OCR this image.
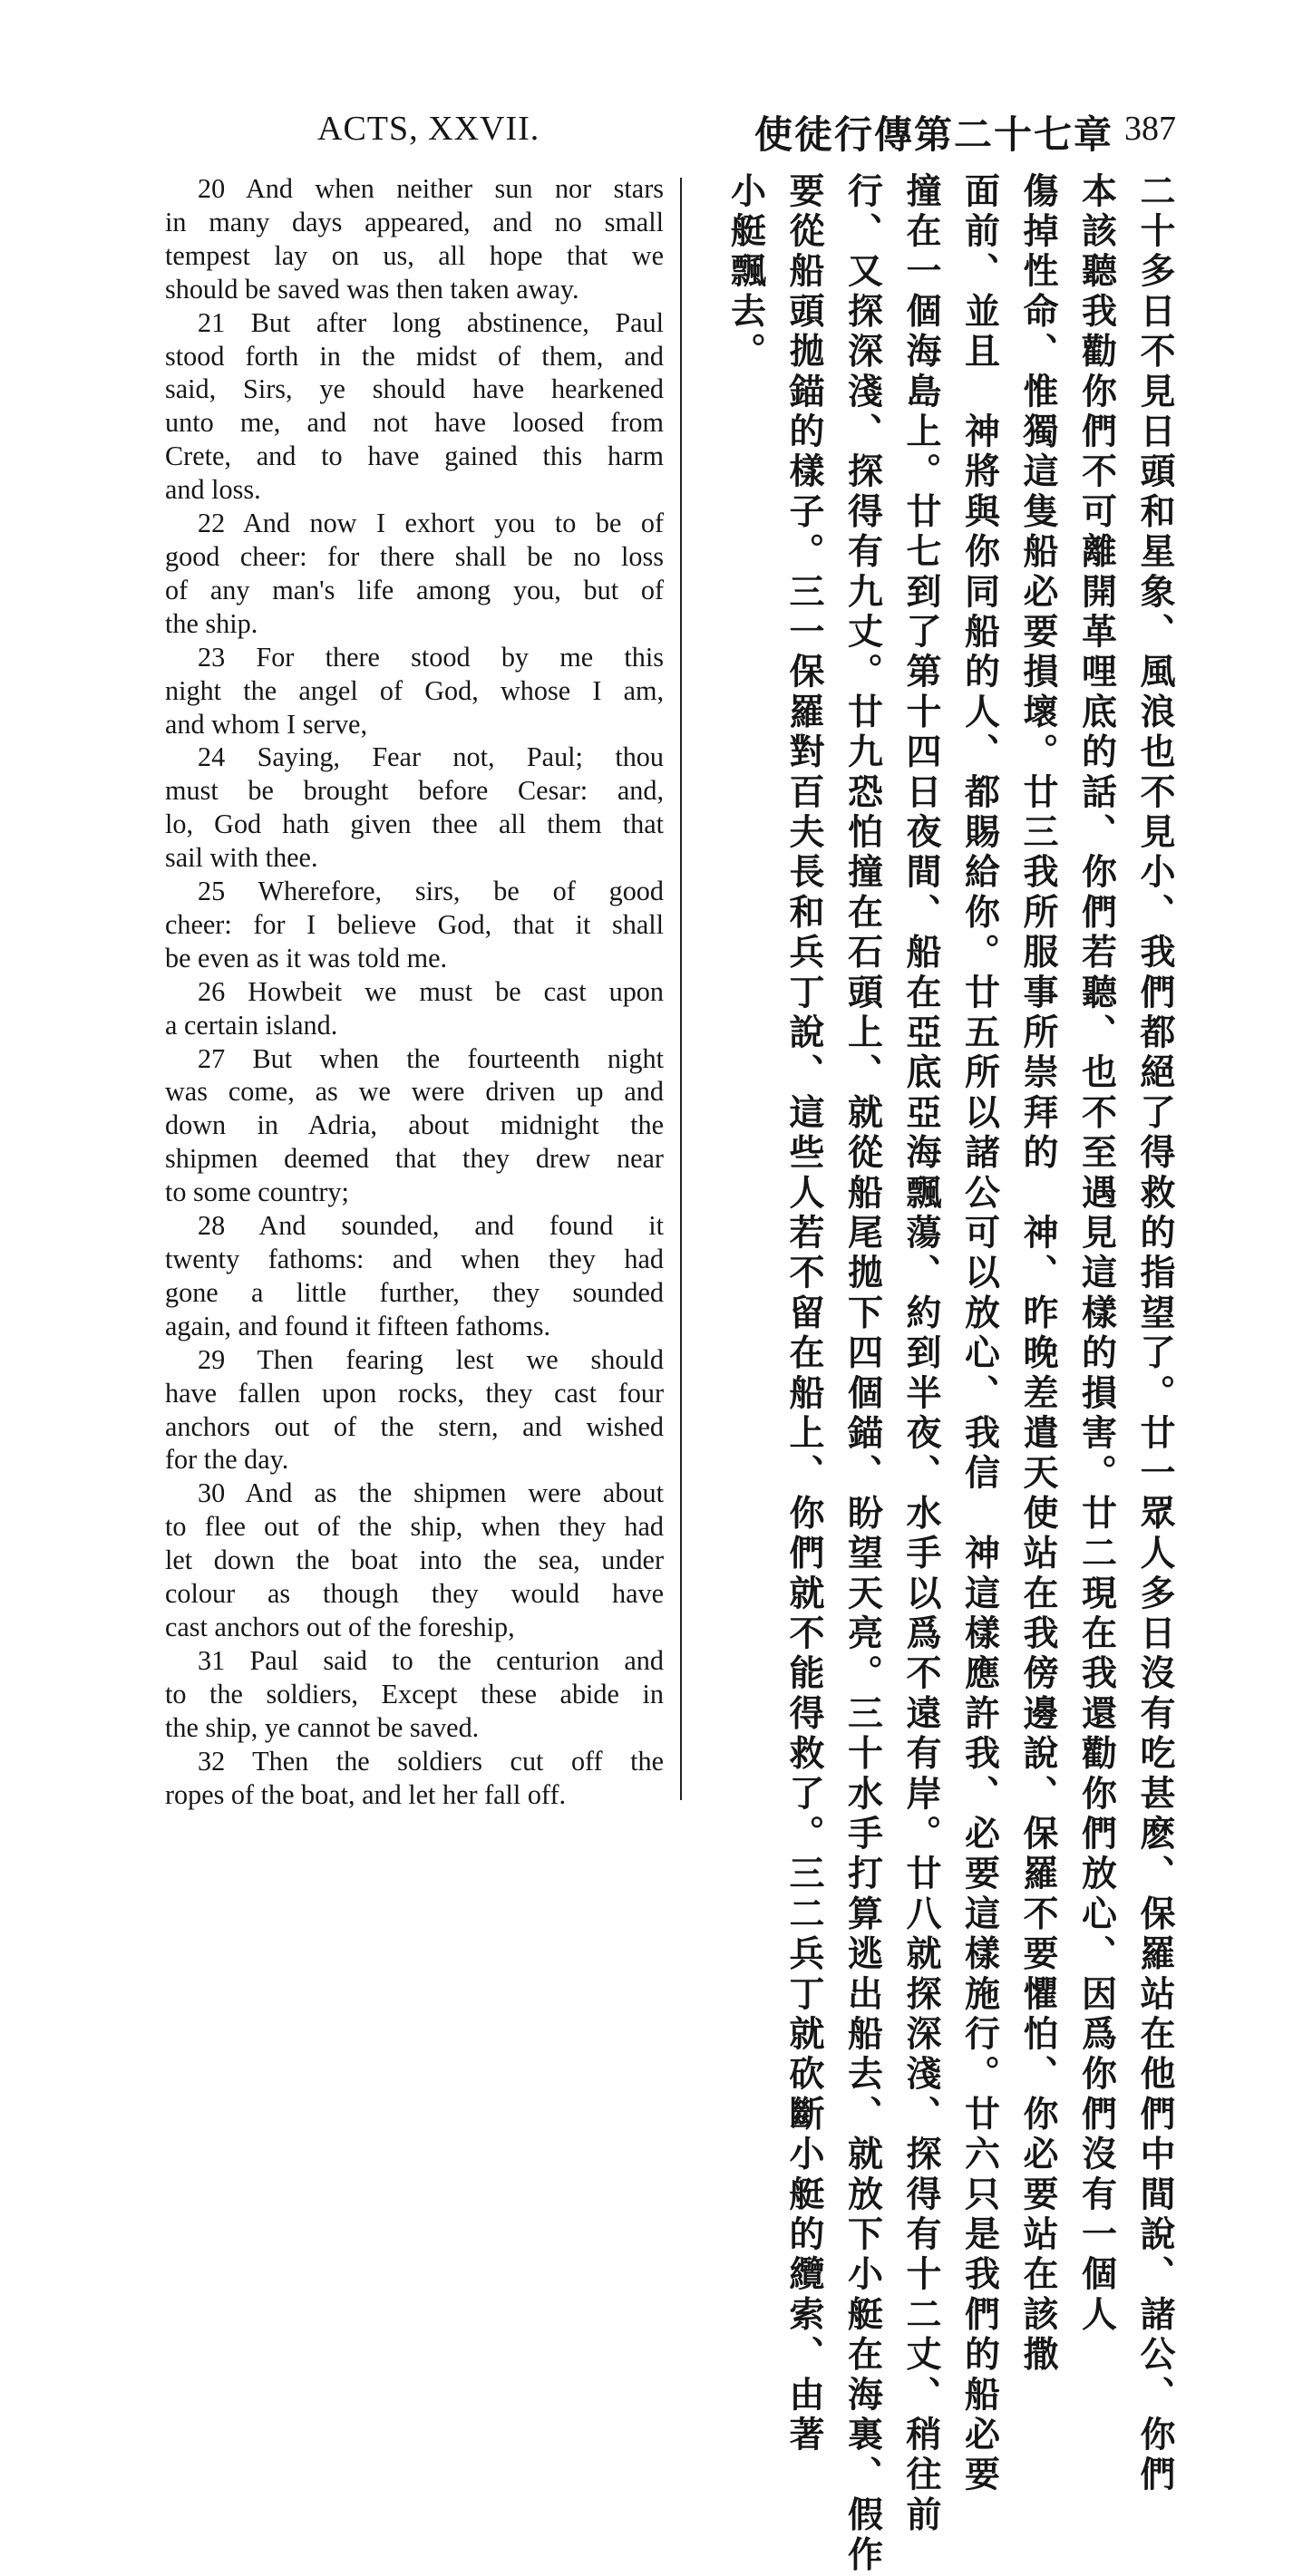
ACTS, XXVII.	使徒行傳第二十七章 387
20 And when neither sun nor stars
in many days appeared, and no small
tempest lay on us, all hope that we
should be saved was then taken away.
21 But after long abstinence, Paul
stood forth in the midst of them, and
said, Sirs, ye should have hearkened
unto me, and not have loosed from
Crete, and to have gained this harm
and loss.
22 And now I exhort you to be of
good cheer: for there shall be no loss
of any man's life among you, but of
the ship.
23 For there stood by me this
night the angel of God, whose I am,
and whom I serve,
24 Saying, Fear not, Paul; thou
must be brought before Cesar: and,
lo, God hath given thee all them that
sail with thee.
25 Wherefore, sirs, be of good
cheer: for I believe God, that it shall
be even as it was told me.
26 Howbeit we must be cast upon
a certain island.
27 But when the fourteenth night
was come, as we were driven up and
down in Adria, about midnight the
shipmen deemed that they drew near
to some country;
28 And sounded, and found it
twenty fathoms: and when they had
gone a little further, they sounded
again, and found it fifteen fathoms.
29 Then fearing lest we should
have fallen upon rocks, they cast four
anchors out of the stern, and wished
for the day.
30 And as the shipmen were about
to flee out of the ship, when they had
let down the boat into the sea, under
colour as though they would have
cast anchors out of the foreship,
31 Paul said to the centurion and
to the soldiers, Except these abide in
the ship, ye cannot be saved.
32 Then the soldiers cut off the
ropes of the boat, and let her fall off.	二十多日不見日頭和星象、風浪也不見小、我們都絕了得救的指望了。廿一眾人多日沒有吃甚麽、保羅站在他們中間說、諸公、你們
本該聽我勸你們不可離開革哩底的話、你們若聽、也不至遇見這樣的損害。廿二現在我還勸你們放心、因爲你們沒有一個人
傷掉性命、惟獨這隻船必要損壞。廿三我所服事所崇拜的　神、昨晚差遣天使站在我傍邊說、保羅不要懼怕、你必要站在該撒
面前、並且　神將與你同船的人、都賜給你。廿五所以諸公可以放心、我信　神這樣應許我、必要這樣施行。廿六只是我們的船必要
撞在一個海島上。廿七到了第十四日夜間、船在亞底亞海飄蕩、約到半夜、水手以爲不遠有岸。廿八就探深淺、探得有十二丈、稍往前
行、又探深淺、探得有九丈。廿九恐怕撞在石頭上、就從船尾拋下四個錨、盼望天亮。三十水手打算逃出船去、就放下小艇在海裏、假作
要從船頭拋錨的樣子。三一保羅對百夫長和兵丁說、這些人若不留在船上、你們就不能得救了。三二兵丁就砍斷小艇的纜索、由著
小艇飄去。
